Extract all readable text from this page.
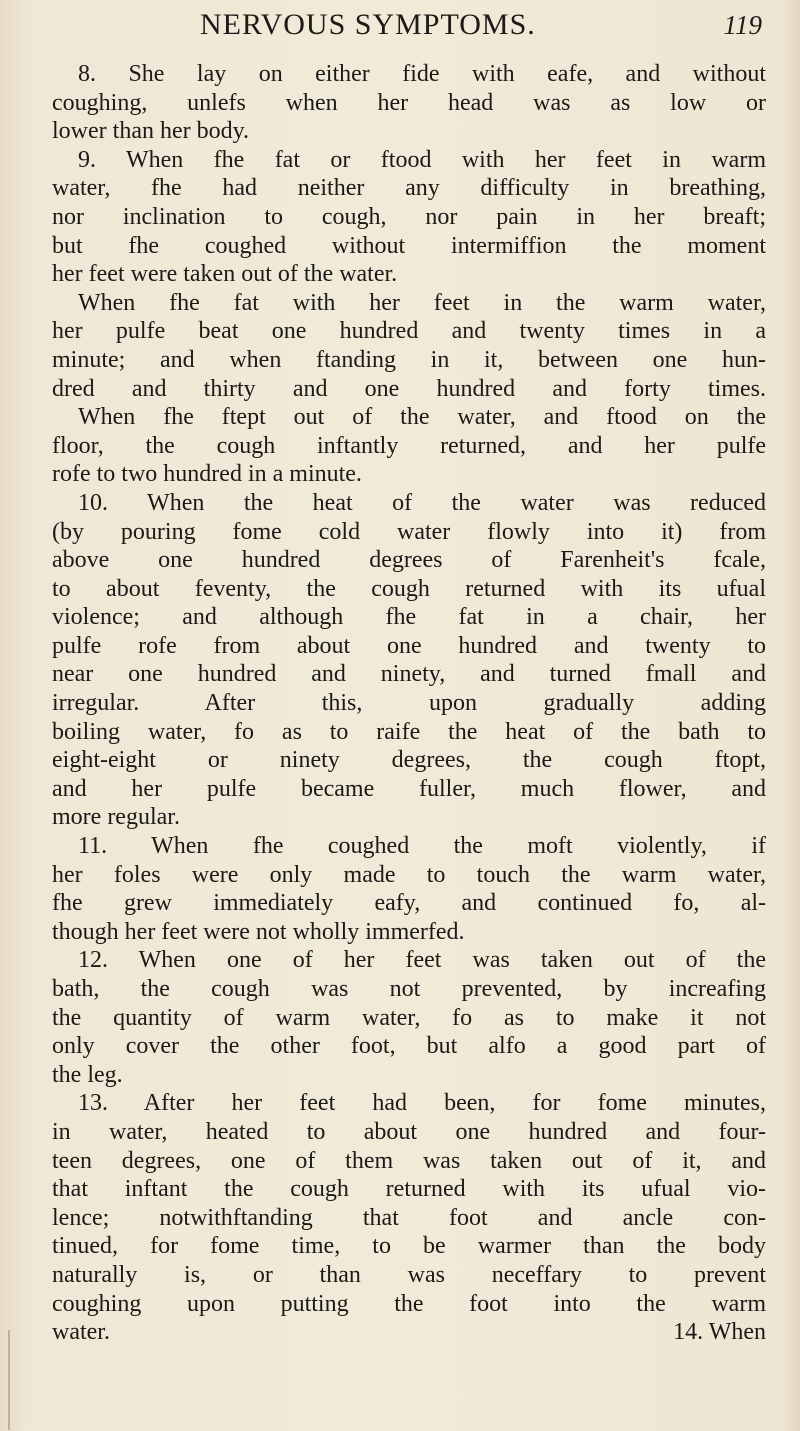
NERVOUS SYMPTOMS.	119
8. She lay on either fide with eafe, and without
coughing, unlefs when her head was as low or
lower than her body.
9. When fhe fat or ftood with her feet in warm
water, fhe had neither any difficulty in breathing,
nor inclination to cough, nor pain in her breaft;
but fhe coughed without intermiffion the moment
her feet were taken out of the water.
When fhe fat with her feet in the warm water,
her pulfe beat one hundred and twenty times in a
minute; and when ftanding in it, between one hun-
dred and thirty and one hundred and forty times.
When fhe ftept out of the water, and ftood on the
floor, the cough inftantly returned, and her pulfe
rofe to two hundred in a minute.
10. When the heat of the water was reduced
(by pouring fome cold water flowly into it) from
above one hundred degrees of Farenheit's fcale,
to about feventy, the cough returned with its ufual
violence; and although fhe fat in a chair, her
pulfe rofe from about one hundred and twenty to
near one hundred and ninety, and turned fmall and
irregular. After this, upon gradually adding
boiling water, fo as to raife the heat of the bath to
eight-eight or ninety degrees, the cough ftopt,
and her pulfe became fuller, much flower, and
more regular.
11. When fhe coughed the moft violently, if
her foles were only made to touch the warm water,
fhe grew immediately eafy, and continued fo, al-
though her feet were not wholly immerfed.
12. When one of her feet was taken out of the
bath, the cough was not prevented, by increafing
the quantity of warm water, fo as to make it not
only cover the other foot, but alfo a good part of
the leg.
13. After her feet had been, for fome minutes,
in water, heated to about one hundred and four-
teen degrees, one of them was taken out of it, and
that inftant the cough returned with its ufual vio-
lence; notwithftanding that foot and ancle con-
tinued, for fome time, to be warmer than the body
naturally is, or than was neceffary to prevent
coughing upon putting the foot into the warm
water.	14. When
